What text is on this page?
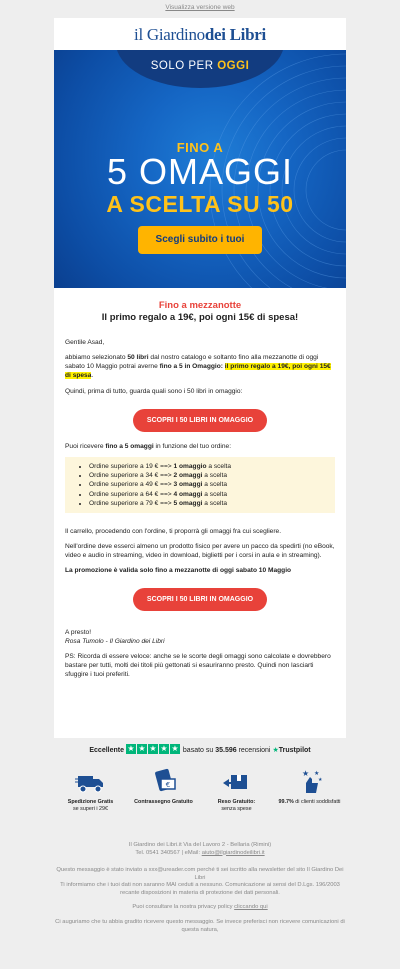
Visualizza versione web
il Giardinodei Libri
SOLO PER OGGI
FINO A
5 OMAGGI
A SCELTA SU 50
Scegli subito i tuoi
Fino a mezzanotte
Il primo regalo a 19€, poi ogni 15€ di spesa!

Gentile Asad,

abbiamo selezionato 50 libri dal nostro catalogo e soltanto fino alla mezzanotte di oggi sabato 10 Maggio potrai averne fino a 5 in Omaggio: il primo regalo a 19€, poi ogni 15€ di spesa.

Quindi, prima di tutto, guarda quali sono i 50 libri in omaggio:

SCOPRI I 50 LIBRI IN OMAGGIO

Puoi ricevere fino a 5 omaggi in funzione del tuo ordine:

• Ordine superiore a 19 € ==> 1 omaggio a scelta
• Ordine superiore a 34 € ==> 2 omaggi a scelta
• Ordine superiore a 49 € ==> 3 omaggi a scelta
• Ordine superiore a 64 € ==> 4 omaggi a scelta
• Ordine superiore a 79 € ==> 5 omaggi a scelta

Il carrello, procedendo con l'ordine, ti proporrà gli omaggi fra cui scegliere.

Nell'ordine deve esserci almeno un prodotto fisico per avere un pacco da spedirti (no eBook, video e audio in streaming, video in download, biglietti per i corsi in aula e in streaming).

La promozione è valida solo fino a mezzanotte di oggi sabato 10 Maggio

SCOPRI I 50 LIBRI IN OMAGGIO

A presto!

Rosa Tumolo - Il Giardino dei Libri

PS: Ricorda di essere veloce: anche se le scorte degli omaggi sono calcolate e dovrebbero bastare per tutti, molti dei titoli più gettonati si esauriranno presto. Quindi non lasciarti sfuggire i tuoi preferiti.

Eccellente ★ ★ ★ ★ ★ basato su 35.596 recensioni ★Trustpilot
Spedizione Gratis
se superi i 29€
€
Contrassegno Gratuito	Reso Gratuito:
senza spese
★ ★
★
99.7% di clienti soddisfatti
Il Giardino dei Libri.it Via del Lavoro 2 - Bellaria (Rimini)
Tel. 0541 340567 | eMail: aiuto@ilgiardinodeilibri.it
Questo messaggio è stato inviato a xxx@ureader.com perché ti sei iscritto alla newsletter del sito Il Giardino Dei Libri
Ti informiamo che i tuoi dati non saranno MAI ceduti a nessuno. Comunicazione ai sensi del D.Lgs. 196/2003 recante disposizioni in materia di protezione dei dati personali.
Puoi consultare la nostra privacy policy cliccando qui
Ci auguriamo che tu abbia gradito ricevere questo messaggio. Se invece preferisci non ricevere comunicazioni di questa natura,
